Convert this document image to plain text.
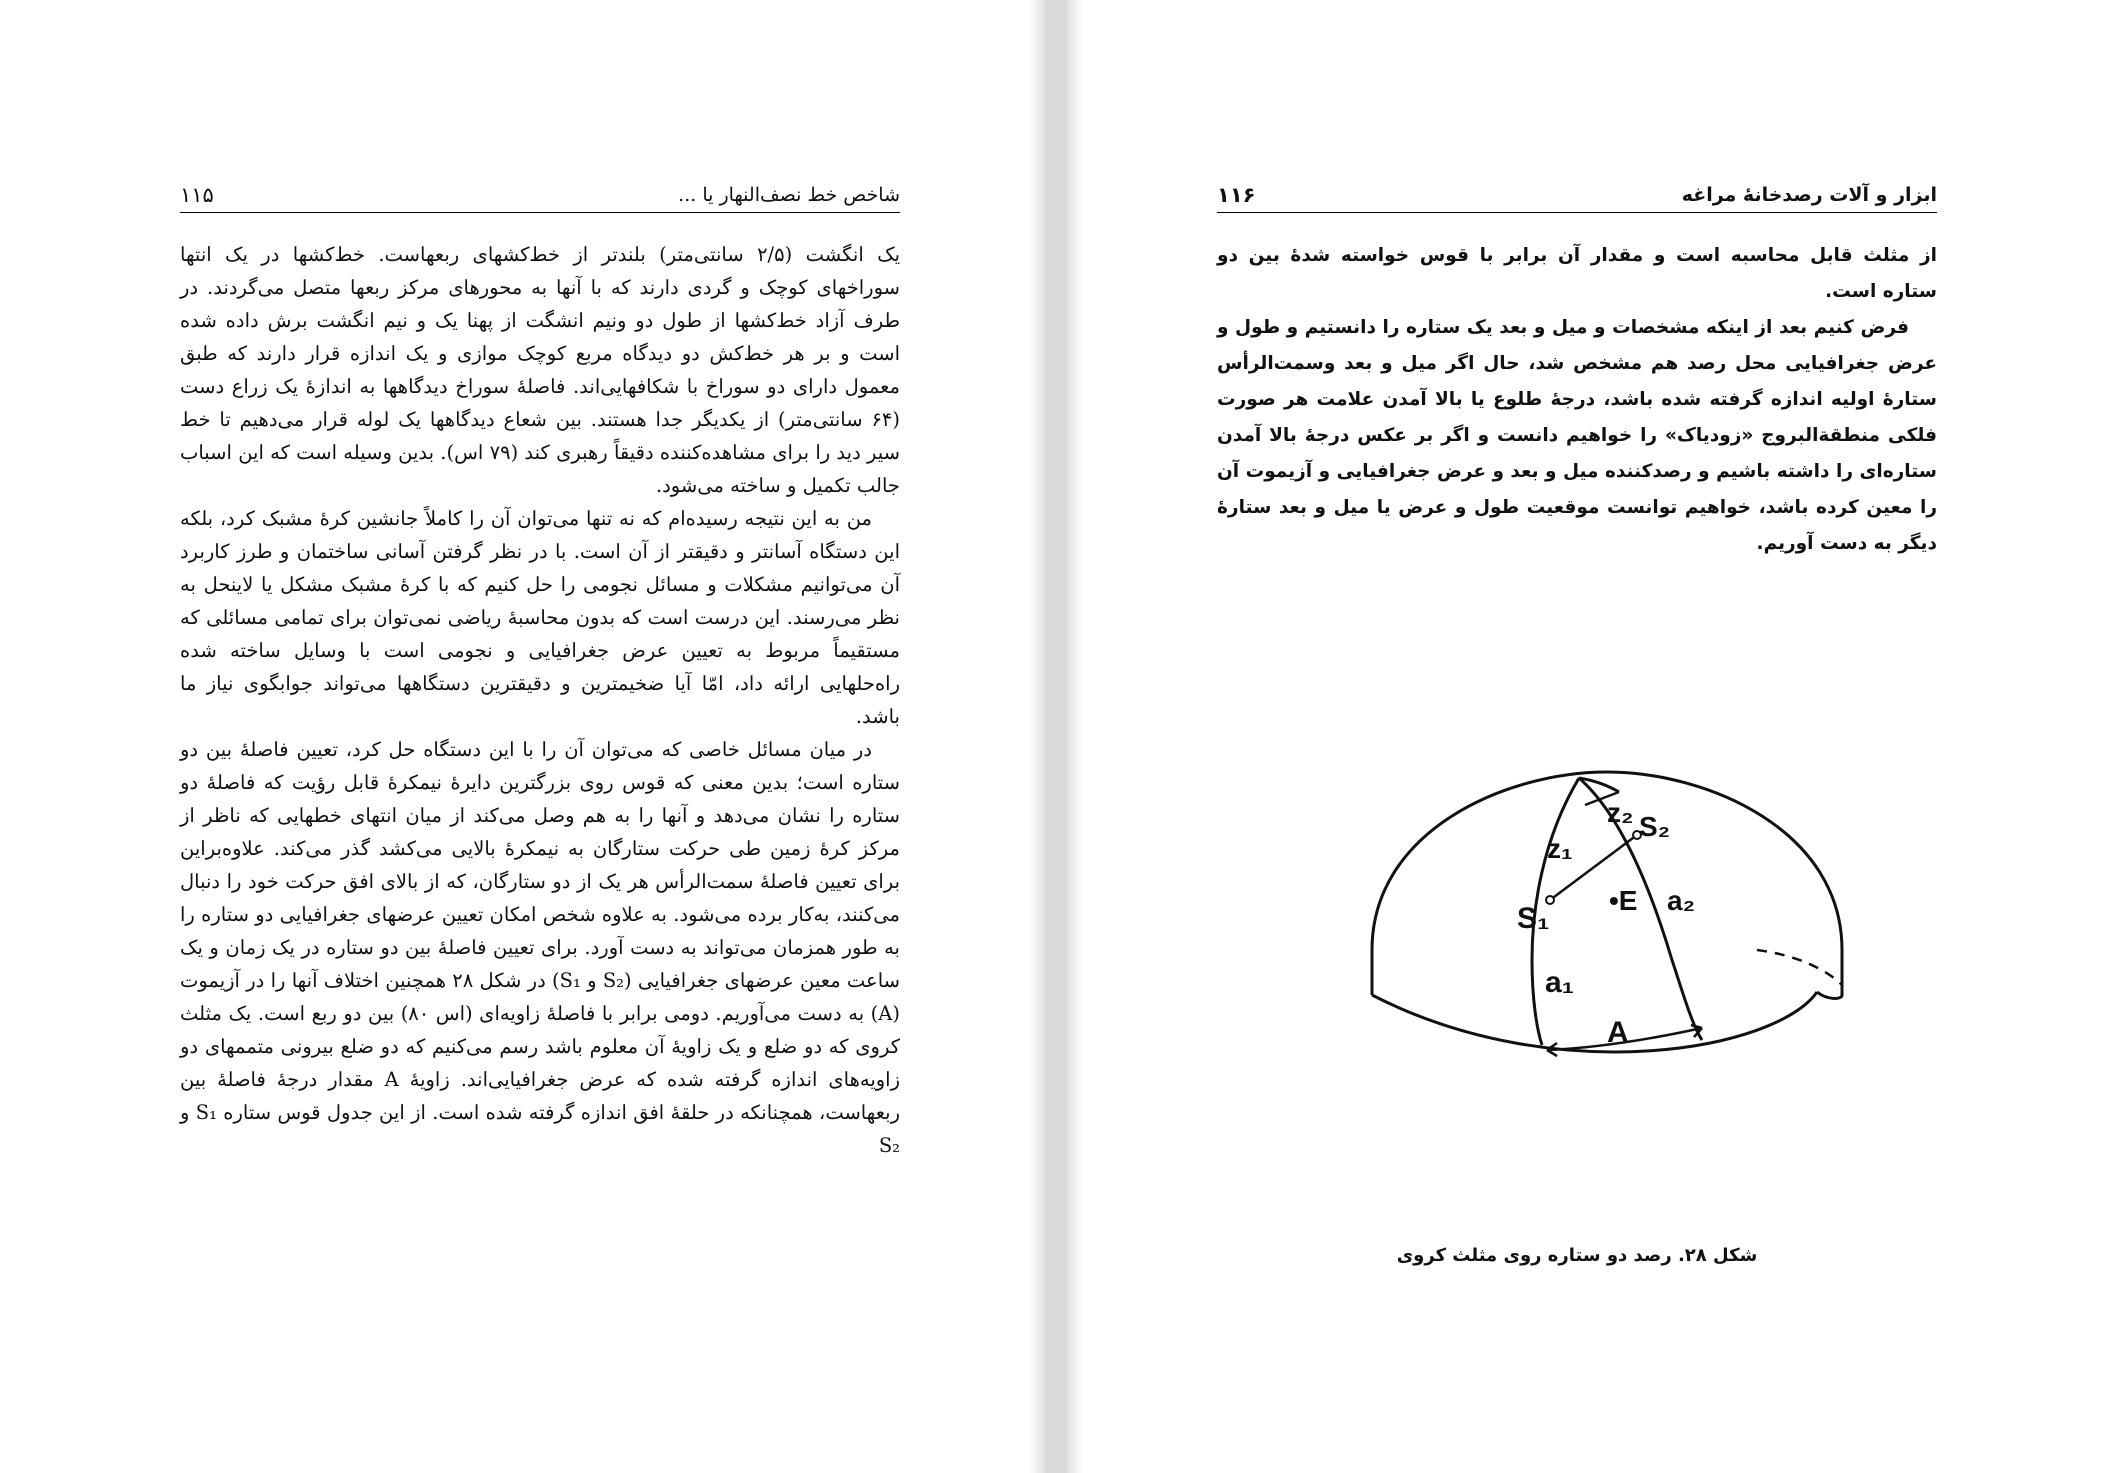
شاخص خط نصف‌النهار یا ...
۱۱۵

یک انگشت (۲/۵ سانتی‌متر) بلندتر از خط‌کشهای ربعهاست. خط‌کشها در یک انتها سوراخهای کوچک و گردی دارند که با آنها به محورهای مرکز ربعها متصل می‌گردند. در طرف آزاد خط‌کشها از طول دو ونیم انشگت از پهنا یک و نیم انگشت برش داده شده است و بر هر خط‌کش دو دیدگاه مربع کوچک موازی و یک اندازه قرار دارند که طبق معمول دارای دو سوراخ با شکافهایی‌اند. فاصلهٔ سوراخ دیدگاهها به اندازهٔ یک زراع دست (۶۴ سانتی‌متر) از یکدیگر جدا هستند. بین شعاع دیدگاهها یک لوله قرار می‌دهیم تا خط سیر دید را برای مشاهده‌کننده دقیقاً رهبری کند (۷۹ اس). بدین وسیله است که این اسباب جالب تکمیل و ساخته می‌شود.

من به این نتیجه رسیده‌ام که نه تنها می‌توان آن را کاملاً جانشین کرهٔ مشبک کرد، بلکه این دستگاه آسانتر و دقیقتر از آن است. با در نظر گرفتن آسانی ساختمان و طرز کاربرد آن می‌توانیم مشکلات و مسائل نجومی را حل کنیم که با کرهٔ مشبک مشکل یا لاینحل به نظر می‌رسند. این درست است که بدون محاسبهٔ ریاضی نمی‌توان برای تمامی مسائلی که مستقیماً مربوط به تعیین عرض جغرافیایی و نجومی است با وسایل ساخته شده راه‌حلهایی ارائه داد، امّا آیا ضخیمترین و دقیقترین دستگاهها می‌تواند جوابگوی نیاز ما باشد.

در میان مسائل خاصی که می‌توان آن را با این دستگاه حل کرد، تعیین فاصلهٔ بین دو ستاره است؛ بدین معنی که قوس روی بزرگترین دایرهٔ نیمکرهٔ قابل رؤیت که فاصلهٔ دو ستاره را نشان می‌دهد و آنها را به هم وصل می‌کند از میان انتهای خطهایی که ناظر از مرکز کرهٔ زمین طی حرکت ستارگان به نیمکرهٔ بالایی می‌کشد گذر می‌کند. علاوه‌براین برای تعیین فاصلهٔ سمت‌الرأس هر یک از دو ستارگان، که از بالای افق حرکت خود را دنبال می‌کنند، به‌کار برده می‌شود. به علاوه شخص امکان تعیین عرضهای جغرافیایی دو ستاره را به طور همزمان می‌تواند به دست آورد. برای تعیین فاصلهٔ بین دو ستاره در یک زمان و یک ساعت معین عرضهای جغرافیایی (S₂ و S₁) در شکل ۲۸ همچنین اختلاف آنها را در آزیموت (A) به دست می‌آوریم. دومی برابر با فاصلهٔ زاویه‌ای (اس ۸۰) بین دو ربع است. یک مثلث کروی که دو ضلع و یک زاویهٔ آن معلوم باشد رسم می‌کنیم که دو ضلع بیرونی متممهای دو زاویه‌های اندازه گرفته شده که عرض جغرافیایی‌اند. زاویهٔ A مقدار درجهٔ فاصلهٔ بین ربعهاست، همچنانکه در حلقهٔ افق اندازه گرفته شده است. از این جدول قوس ستاره S₁ و S₂

ابزار و آلات رصدخانهٔ مراغه
۱۱۶

از مثلث قابل محاسبه است و مقدار آن برابر با قوس خواسته شدهٔ بین دو ستاره است.

فرض کنیم بعد از اینکه مشخصات و میل و بعد یک ستاره را دانستیم و طول و عرض جغرافیایی محل رصد هم مشخص شد، حال اگر میل و بعد وسمت‌الرأس ستارهٔ اولیه اندازه گرفته شده باشد، درجهٔ طلوع یا بالا آمدن علامت هر صورت فلکی منطقةالبروج «زودیاک» را خواهیم دانست و اگر بر عکس درجهٔ بالا آمدن ستاره‌ای را داشته باشیم و رصدکننده میل و بعد و عرض جغرافیایی و آزیموت آن را معین کرده باشد، خواهیم توانست موقعیت طول و عرض یا میل و بعد ستارهٔ دیگر به دست آوریم.

z₁
z₂
S₁
S₂
•E a₂
a₁
A
شکل ۲۸. رصد دو ستاره روی مثلث کروی
